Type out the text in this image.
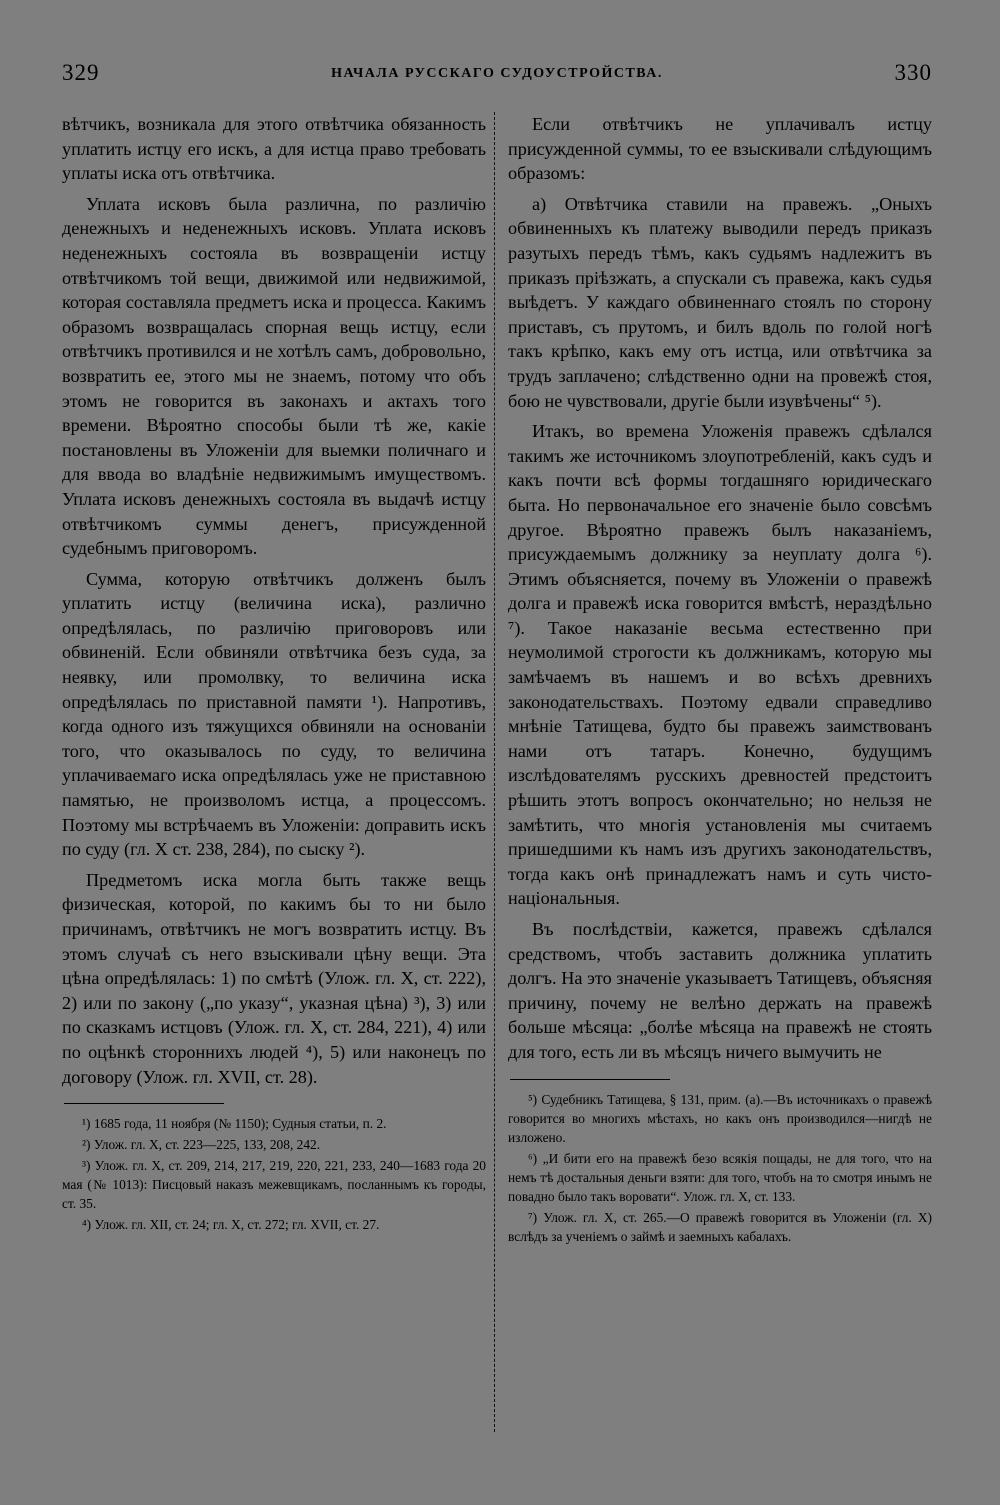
329	НАЧАЛА РУССКАГО СУДОУСТРОЙСТВА.	330

вѣтчикъ, возникала для этого отвѣтчика обязанность уплатить истцу его искъ, а для истца право требовать уплаты иска отъ отвѣтчика.

Уплата исковъ была различна, по различію денежныхъ и неденежныхъ исковъ. Уплата исковъ неденежныхъ состояла въ возвращеніи истцу отвѣтчикомъ той вещи, движимой или недвижимой, которая составляла предметъ иска и процесса. Какимъ образомъ возвращалась спорная вещь истцу, если отвѣтчикъ противился и не хотѣлъ самъ, добровольно, возвратить ее, этого мы не знаемъ, потому что объ этомъ не говорится въ законахъ и актахъ того времени. Вѣроятно способы были тѣ же, какіе постановлены въ Уложеніи для выемки поличнаго и для ввода во владѣніе недвижимымъ имуществомъ. Уплата исковъ денежныхъ состояла въ выдачѣ истцу отвѣтчикомъ суммы денегъ, присужденной судебнымъ приговоромъ.

Сумма, которую отвѣтчикъ долженъ былъ уплатить истцу (величина иска), различно опредѣлялась, по различію приговоровъ или обвиненій. Если обвиняли отвѣтчика безъ суда, за неявку, или промолвку, то величина иска опредѣлялась по приставной памяти ¹). Напротивъ, когда одного изъ тяжущихся обвиняли на основаніи того, что оказывалось по суду, то величина уплачиваемаго иска опредѣлялась уже не приставною памятью, не произволомъ истца, а процессомъ. Поэтому мы встрѣчаемъ въ Уложеніи: доправить искъ по суду (гл. X ст. 238, 284), по сыску ²).

Предметомъ иска могла быть также вещь физическая, которой, по какимъ бы то ни было причинамъ, отвѣтчикъ не могъ возвратить истцу. Въ этомъ случаѣ съ него взыскивали цѣну вещи. Эта цѣна опредѣлялась: 1) по смѣтѣ (Улож. гл. X, ст. 222), 2) или по закону („по указу“, указная цѣна) ³), 3) или по сказкамъ истцовъ (Улож. гл. X, ст. 284, 221), 4) или по оцѣнкѣ стороннихъ людей ⁴), 5) или наконецъ по договору (Улож. гл. XVII, ст. 28).

¹) 1685 года, 11 ноября (№ 1150); Судныя статьи, п. 2.
²) Улож. гл. X, ст. 223—225, 133, 208, 242.
³) Улож. гл. X, ст. 209, 214, 217, 219, 220, 221, 233, 240—1683 года 20 мая (№ 1013): Писцовый наказъ межевщикамъ, посланнымъ къ городы, ст. 35.
⁴) Улож. гл. XII, ст. 24; гл. X, ст. 272; гл. XVII, ст. 27.

Если отвѣтчикъ не уплачивалъ истцу присужденной суммы, то ее взыскивали слѣдующимъ образомъ:

а) Отвѣтчика ставили на правежъ. „Оныхъ обвиненныхъ къ платежу выводили передъ приказъ разутыхъ передъ тѣмъ, какъ судьямъ надлежитъ въ приказъ пріѣзжать, а спускали съ правежа, какъ судья выѣдетъ. У каждаго обвиненнаго стоялъ по сторону приставъ, съ прутомъ, и билъ вдоль по голой ногѣ такъ крѣпко, какъ ему отъ истца, или отвѣтчика за трудъ заплачено; слѣдственно одни на провежѣ стоя, бою не чувствовали, другіе были изувѣчены“ ⁵).

Итакъ, во времена Уложенія правежъ сдѣлался такимъ же источникомъ злоупотребленій, какъ судъ и какъ почти всѣ формы тогдашняго юридическаго быта. Но первоначальное его значеніе было совсѣмъ другое. Вѣроятно правежъ былъ наказаніемъ, присуждаемымъ должнику за неуплату долга ⁶). Этимъ объясняется, почему въ Уложеніи о правежѣ долга и правежѣ иска говорится вмѣстѣ, нераздѣльно ⁷). Такое наказаніе весьма естественно при неумолимой строгости къ должникамъ, которую мы замѣчаемъ въ нашемъ и во всѣхъ древнихъ законодательствахъ. Поэтому едвали справедливо мнѣніе Татищева, будто бы правежъ заимствованъ нами отъ татаръ. Конечно, будущимъ изслѣдователямъ русскихъ древностей предстоитъ рѣшить этотъ вопросъ окончательно; но нельзя не замѣтить, что многія установленія мы считаемъ пришедшими къ намъ изъ другихъ законодательствъ, тогда какъ онѣ принадлежатъ намъ и суть чисто-національныя.

Въ послѣдствіи, кажется, правежъ сдѣлался средствомъ, чтобъ заставить должника уплатить долгъ. На это значеніе указываетъ Татищевъ, объясняя причину, почему не велѣно держать на правежѣ больше мѣсяца: „болѣе мѣсяца на правежѣ не стоять для того, есть ли въ мѣсяцъ ничего вымучить не

⁵) Судебникъ Татищева, § 131, прим. (а).—Въ источникахъ о правежѣ говорится во многихъ мѣстахъ, но какъ онъ производился—нигдѣ не изложено.
⁶) „И бити его на правежѣ безо всякія пощады, не для того, что на немъ тѣ достальныя деньги взяти: для того, чтобъ на то смотря инымъ не повадно было такъ воровати“. Улож. гл. X, ст. 133.
⁷) Улож. гл. X, ст. 265.—О правежѣ говорится въ Уложеніи (гл. X) вслѣдъ за ученіемъ о займѣ и заемныхъ кабалахъ.
